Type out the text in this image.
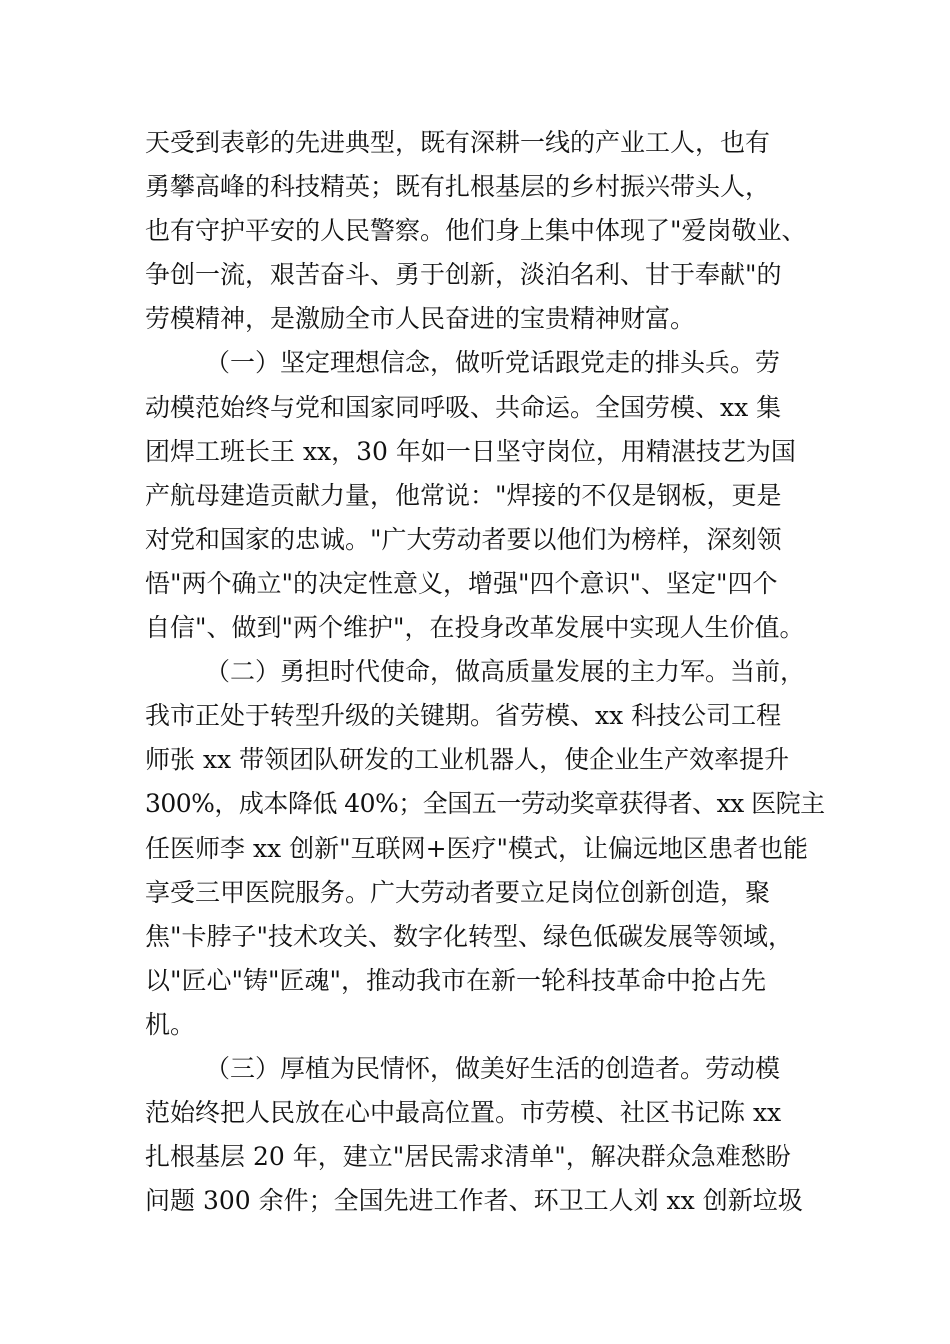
天受到表彰的先进典型，既有深耕一线的产业工人，也有
勇攀高峰的科技精英；既有扎根基层的乡村振兴带头人，
也有守护平安的人民警察。他们身上集中体现了"爱岗敬业、
争创一流，艰苦奋斗、勇于创新，淡泊名利、甘于奉献"的
劳模精神，是激励全市人民奋进的宝贵精神财富。
（一）坚定理想信念，做听党话跟党走的排头兵。劳
动模范始终与党和国家同呼吸、共命运。全国劳模、xx 集
团焊工班长王 xx，30 年如一日坚守岗位，用精湛技艺为国
产航母建造贡献力量，他常说："焊接的不仅是钢板，更是
对党和国家的忠诚。"广大劳动者要以他们为榜样，深刻领
悟"两个确立"的决定性意义，增强"四个意识"、坚定"四个
自信"、做到"两个维护"，在投身改革发展中实现人生价值。
（二）勇担时代使命，做高质量发展的主力军。当前，
我市正处于转型升级的关键期。省劳模、xx 科技公司工程
师张 xx 带领团队研发的工业机器人，使企业生产效率提升
300%，成本降低 40%；全国五一劳动奖章获得者、xx 医院主
任医师李 xx 创新"互联网+医疗"模式，让偏远地区患者也能
享受三甲医院服务。广大劳动者要立足岗位创新创造，聚
焦"卡脖子"技术攻关、数字化转型、绿色低碳发展等领域，
以"匠心"铸"匠魂"，推动我市在新一轮科技革命中抢占先
机。
（三）厚植为民情怀，做美好生活的创造者。劳动模
范始终把人民放在心中最高位置。市劳模、社区书记陈 xx
扎根基层 20 年，建立"居民需求清单"，解决群众急难愁盼
问题 300 余件；全国先进工作者、环卫工人刘 xx 创新垃圾
